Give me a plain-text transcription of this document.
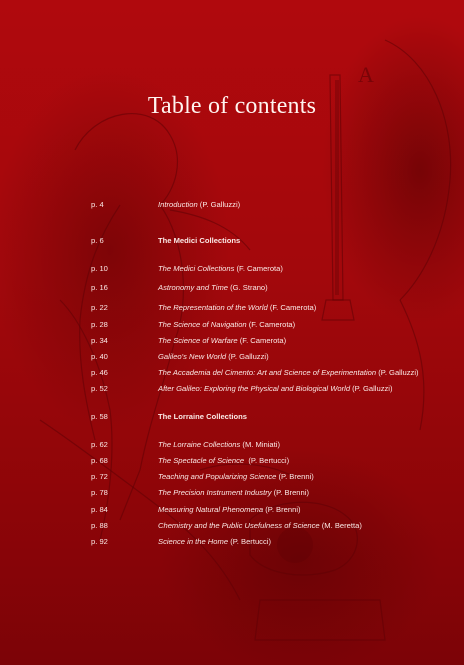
A
Table of contents
p. 4	Introduction (P. Galluzzi)
p. 6	The Medici Collections
p. 10	The Medici Collections (F. Camerota)
p. 16	Astronomy and Time (G. Strano)
p. 22	The Representation of the World (F. Camerota)
p. 28	The Science of Navigation (F. Camerota)
p. 34	The Science of Warfare (F. Camerota)
p. 40	Galileo's New World (P. Galluzzi)
p. 46	The Accademia del Cimento: Art and Science of Experimentation (P. Galluzzi)
p. 52	After Galileo: Exploring the Physical and Biological World (P. Galluzzi)
p. 58	The Lorraine Collections
p. 62	The Lorraine Collections (M. Miniati)
p. 68	The Spectacle of Science  (P. Bertucci)
p. 72	Teaching and Popularizing Science (P. Brenni)
p. 78	The Precision Instrument Industry (P. Brenni)
p. 84	Measuring Natural Phenomena (P. Brenni)
p. 88	Chemistry and the Public Usefulness of Science (M. Beretta)
p. 92	Science in the Home (P. Bertucci)
